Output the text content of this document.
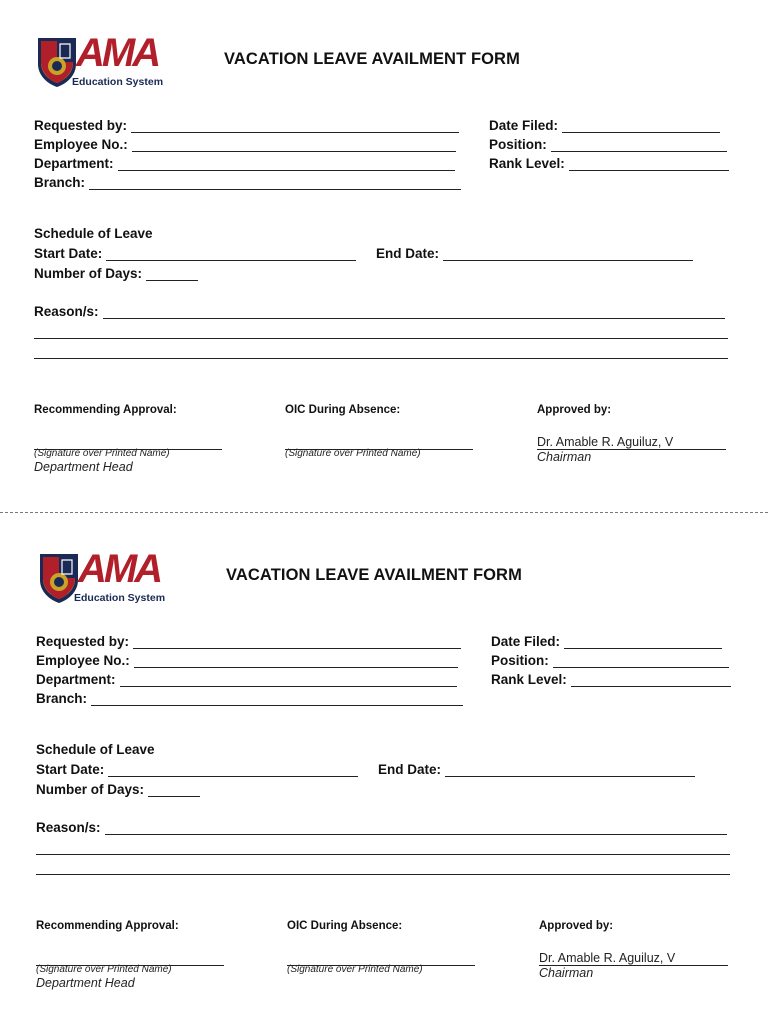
AMA
Education System
VACATION LEAVE AVAILMENT FORM
Requested by:
Employee No.:
Department:
Branch:
Date Filed:
Position:
Rank Level:
Schedule of Leave
Start Date:	End Date:
Number of Days:
Reason/s:
Recommending Approval:
(Signature over Printed Name)
Department Head
OIC During Absence:
(Signature over Printed Name)
Approved by:
Dr. Amable R. Aguiluz, V
Chairman
AMA
Education System
VACATION LEAVE AVAILMENT FORM
Requested by:
Employee No.:
Department:
Branch:
Date Filed:
Position:
Rank Level:
Schedule of Leave
Start Date:	End Date:
Number of Days:
Reason/s:
Recommending Approval:
(Signature over Printed Name)
Department Head
OIC During Absence:
(Signature over Printed Name)
Approved by:
Dr. Amable R. Aguiluz, V
Chairman
